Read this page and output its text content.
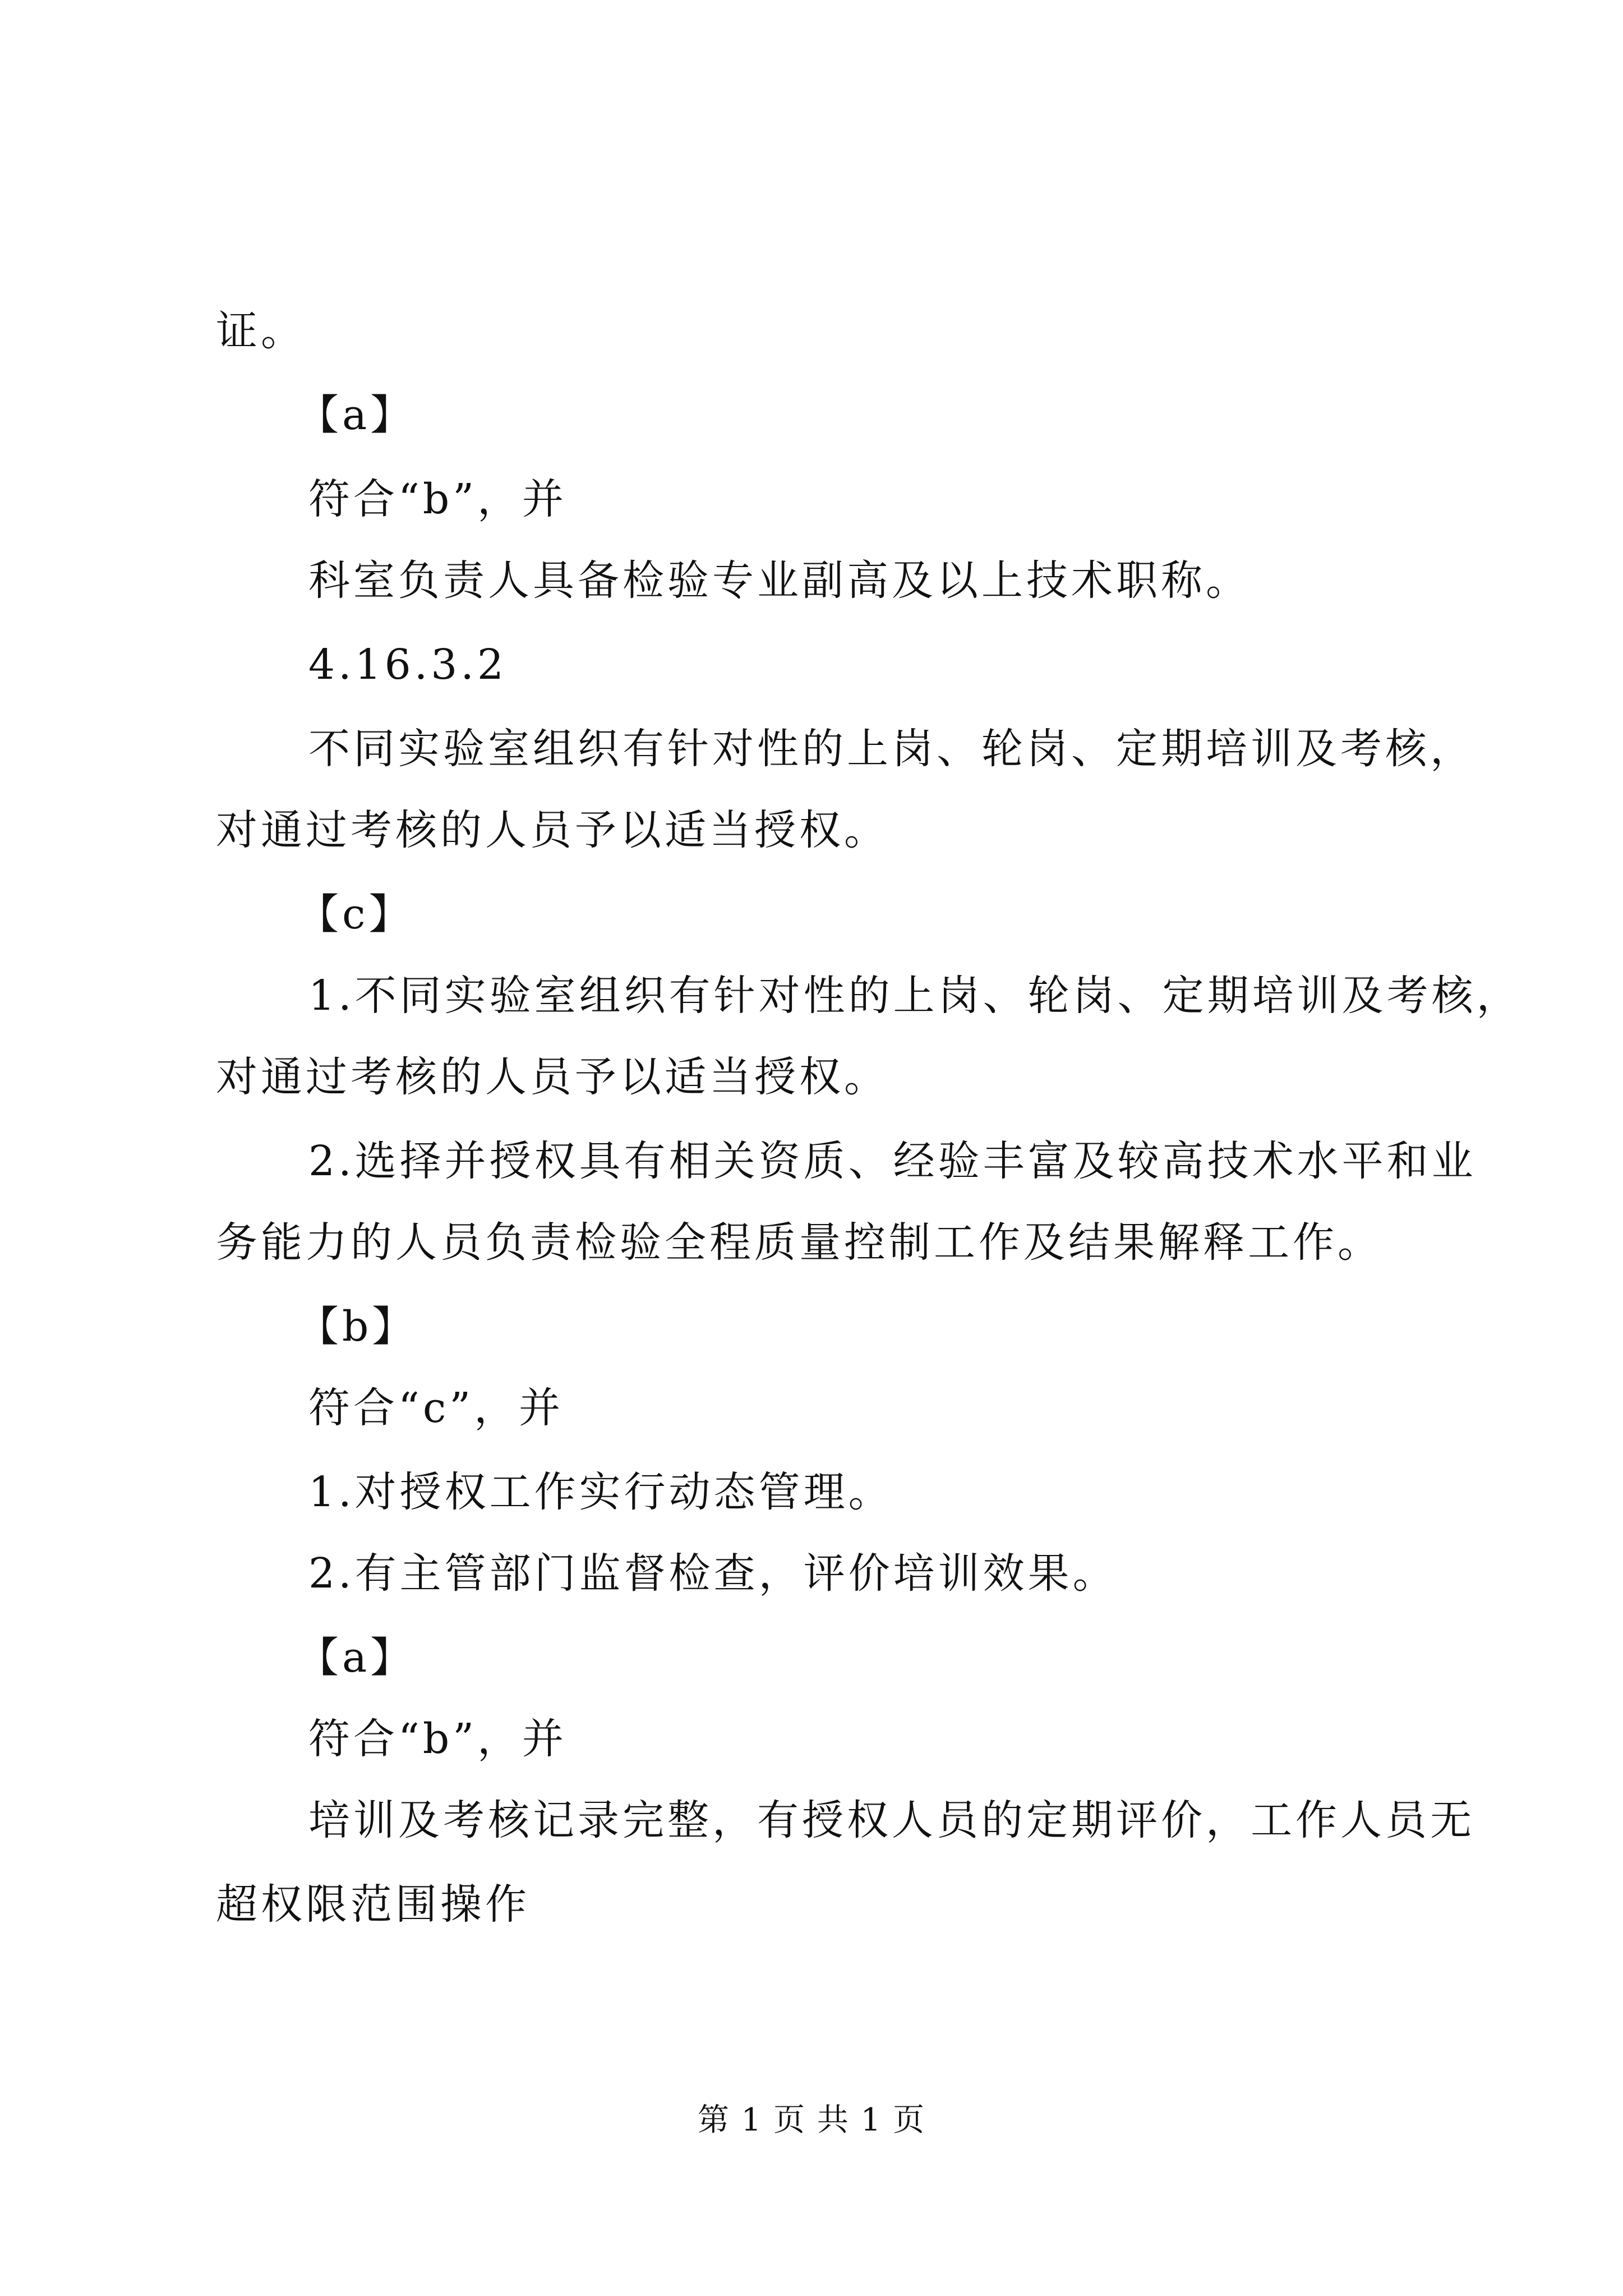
证。
【a】
符合“b”，并
科室负责人具备检验专业副高及以上技术职称。
4.16.3.2
不同实验室组织有针对性的上岗、轮岗、定期培训及考核，
对通过考核的人员予以适当授权。
【c】
1.不同实验室组织有针对性的上岗、轮岗、定期培训及考核，
对通过考核的人员予以适当授权。
2.选择并授权具有相关资质、经验丰富及较高技术水平和业
务能力的人员负责检验全程质量控制工作及结果解释工作。
【b】
符合“c”，并
1.对授权工作实行动态管理。
2.有主管部门监督检查，评价培训效果。
【a】
符合“b”，并
培训及考核记录完整，有授权人员的定期评价，工作人员无
超权限范围操作
第 1 页 共 1 页
